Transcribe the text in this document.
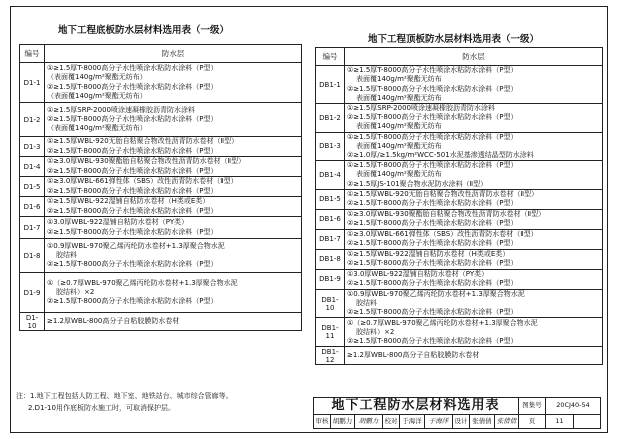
地下工程底板防水层材料选用表（一级）
地下工程顶板防水层材料选用表（一级）
编号	防水层
D1-1	①≥1.5厚T-8000高分子水性喷涂水粘防水涂料（P型）
（表面覆140g/m²聚酯无纺布）
②≥1.5厚T-8000高分子水性喷涂水粘防水涂料（P型）
（表面覆140g/m²聚酯无纺布）

D1-2	①≥1.5厚SRP-2000喷涂速凝橡胶沥青防水涂料
②≥1.5厚T-8000高分子水性喷涂水粘防水涂料（P型）
（表面覆140g/m²聚酯无纺布）

D1-3	①≥1.5厚WBL-920无胎自粘聚合物改性沥青防水卷材（Ⅱ型）
②≥1.5厚T-8000高分子水性喷涂水粘防水涂料（P型）

D1-4	①≥3.0厚WBL-930聚酯胎自粘聚合物改性沥青防水卷材（Ⅱ型）
②≥1.5厚T-8000高分子水性喷涂水粘防水涂料（P型）

D1-5	①≥3.0厚WBL-661弹性体（SBS）改性沥青防水卷材（Ⅱ型）
②≥1.5厚T-8000高分子水性喷涂水粘防水涂料（P型）

D1-6	①≥1.5厚WBL-922湿铺自粘防水卷材（H类或E类）
②≥1.5厚T-8000高分子水性喷涂水粘防水涂料（P型）

D1-7	①3.0厚WBL-922湿铺自粘防水卷材（PY类）
②≥1.5厚T-8000高分子水性喷涂水粘防水涂料（P型）

D1-8	①0.9厚WBL-970聚乙烯丙纶防水卷材+1.3厚聚合物水泥
胶结料
②≥1.5厚T-8000高分子水性喷涂水粘防水涂料（P型）

D1-9	①（≥0.7厚WBL-970聚乙烯丙纶防水卷材+1.3厚聚合物水泥
胶结料）×2
②≥1.5厚T-8000高分子水性喷涂水粘防水涂料（P型）

D1-10	≥1.2厚WBL-800高分子自粘胶膜防水卷材
编号	防水层
DB1-1	①≥1.5厚T-8000高分子水性喷涂水粘防水涂料（P型）
表面覆140g/m²聚酯无纺布
②≥1.5厚T-8000高分子水性喷涂水粘防水涂料（P型）
表面覆140g/m²聚酯无纺布

DB1-2	①≥1.5厚SRP-2000喷涂速凝橡胶沥青防水涂料
②≥1.5厚T-8000高分子水性喷涂水粘防水涂料（P型）
表面覆140g/m²聚酯无纺布

DB1-3	①≥1.5厚T-8000高分子水性喷涂水粘防水涂料（P型）
表面覆140g/m²聚酯无纺布
②≥1.0厚/≥1.5kg/m²WCC-501水泥基渗透结晶型防水涂料

DB1-4	①≥1.5厚T-8000高分子水性喷涂水粘防水涂料（P型）
表面覆140g/m²聚酯无纺布
②≥1.5厚JS-101聚合物水泥防水涂料（Ⅱ型）

DB1-5	①≥1.5厚WBL-920无胎自粘聚合物改性沥青防水卷材（Ⅱ型）
②≥1.5厚T-8000高分子水性喷涂水粘防水涂料（P型）

DB1-6	①≥3.0厚WBL-930聚酯胎自粘聚合物改性沥青防水卷材（Ⅱ型）
②≥1.5厚T-8000高分子水性喷涂水粘防水涂料（P型）

DB1-7	①≥3.0厚WBL-661弹性体（SBS）改性沥青防水卷材（Ⅱ型）
②≥1.5厚T-8000高分子水性喷涂水粘防水涂料（P型）

DB1-8	①≥1.5厚WBL-922湿铺自粘防水卷材（H类或E类）
②≥1.5厚T-8000高分子水性喷涂水粘防水涂料（P型）

DB1-9	①3.0厚WBL-922湿铺自粘防水卷材（PY类）
②≥1.5厚T-8000高分子水性喷涂水粘防水涂料（P型）

DB1-10	①0.9厚WBL-970聚乙烯丙纶防水卷材+1.3厚聚合物水泥
胶结料
②≥1.5厚T-8000高分子水性喷涂水粘防水涂料（P型）

DB1-11	①（≥0.7厚WBL-970聚乙烯丙纶防水卷材+1.3厚聚合物水泥
胶结料）×2
②≥1.5厚T-8000高分子水性喷涂水粘防水涂料（P型）

DB1-12	≥1.2厚WBL-800高分子自粘胶膜防水卷材
注：1.地下工程包括人防工程、地下室、地铁站台、城市综合管廊等。
2.D1-10用作底板防水施工时，可取消保护层。	地下工程防水层材料选用表	图集号	20CJ40-54
审核 胡鹏力	胡鹏力 校对 于海洋	于海洋 设计 张倩倩 张倩倩	页	11
